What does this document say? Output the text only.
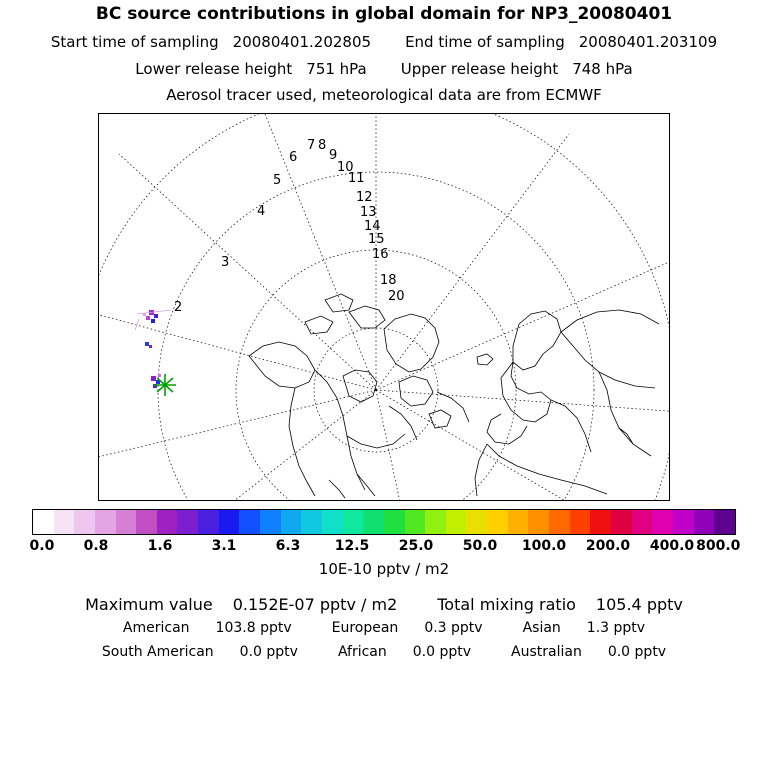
BC source contributions in global domain for NP3_20080401
Start time of sampling 20080401.202805 End time of sampling 20080401.203109
Lower release height 751 hPa Upper release height 748 hPa
Aerosol tracer used, meteorological data are from ECMWF
2
3
4
5
6
7 8
9
10
11
12
13
14
15
16
18
20
0.0 0.8	1.6	3.1	6.3 12.5 25.0 50.0 100.0 200.0 400.0 800.0
10E-10 pptv / m2
Maximum value 0.152E-07 pptv / m2	Total mixing ratio 105.4 pptv
American 103.8 pptv	European 0.3 pptv	Asian 1.3 pptv
South American 0.0 pptv	African 0.0 pptv	Australian 0.0 pptv
